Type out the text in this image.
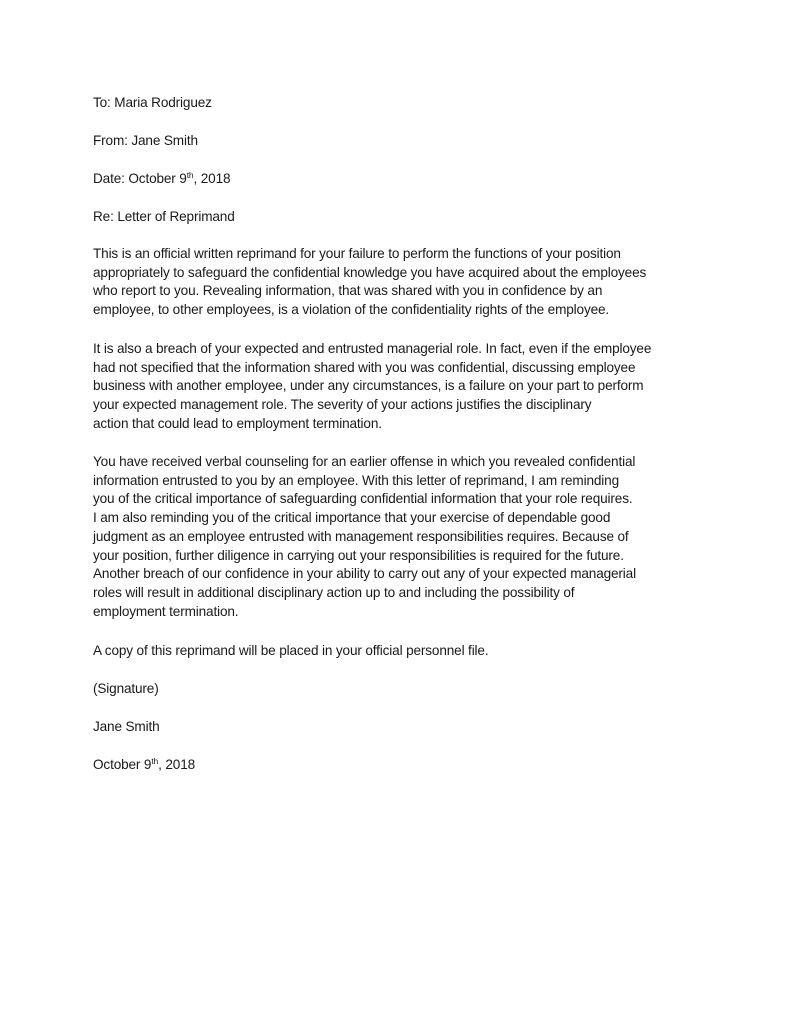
To: Maria Rodriguez
From: Jane Smith
Date: October 9th, 2018
Re: Letter of Reprimand
This is an official written reprimand for your failure to perform the functions of your position
appropriately to safeguard the confidential knowledge you have acquired about the employees
who report to you. Revealing information, that was shared with you in confidence by an
employee, to other employees, is a violation of the confidentiality rights of the employee.
It is also a breach of your expected and entrusted managerial role. In fact, even if the employee
had not specified that the information shared with you was confidential, discussing employee
business with another employee, under any circumstances, is a failure on your part to perform
your expected management role. The severity of your actions justifies the disciplinary
action that could lead to employment termination.
You have received verbal counseling for an earlier offense in which you revealed confidential
information entrusted to you by an employee. With this letter of reprimand, I am reminding
you of the critical importance of safeguarding confidential information that your role requires.
I am also reminding you of the critical importance that your exercise of dependable good
judgment as an employee entrusted with management responsibilities requires. Because of
your position, further diligence in carrying out your responsibilities is required for the future.
Another breach of our confidence in your ability to carry out any of your expected managerial
roles will result in additional disciplinary action up to and including the possibility of
employment termination.
A copy of this reprimand will be placed in your official personnel file.
(Signature)
Jane Smith
October 9th, 2018
